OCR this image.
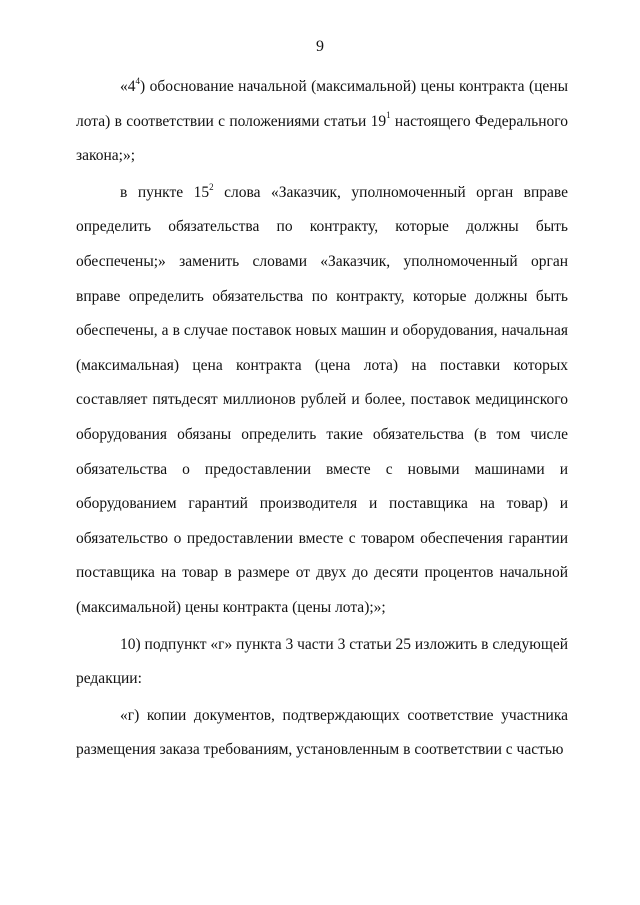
9

«$4^4$) обоснование начальной (максимальной) цены контракта (цены лота) в соответствии с положениями статьи $19^1$ настоящего Федерального закона;»;

в пункте $15^2$ слова «Заказчик, уполномоченный орган вправе определить обязательства по контракту, которые должны быть обеспечены;» заменить словами «Заказчик, уполномоченный орган вправе определить обязательства по контракту, которые должны быть обеспечены, а в случае поставок новых машин и оборудования, начальная (максимальная) цена контракта (цена лота) на поставки которых составляет пятьдесят миллионов рублей и более, поставок медицинского оборудования обязаны определить такие обязательства (в том числе обязательства о предоставлении вместе с новыми машинами и оборудованием гарантий производителя и поставщика на товар) и обязательство о предоставлении вместе с товаром обеспечения гарантии поставщика на товар в размере от двух до десяти процентов начальной (максимальной) цены контракта (цены лота);»;

10) подпункт «г» пункта 3 части 3 статьи 25 изложить в следующей редакции:

«г) копии документов, подтверждающих соответствие участника размещения заказа требованиям, установленным в соответствии с частью
